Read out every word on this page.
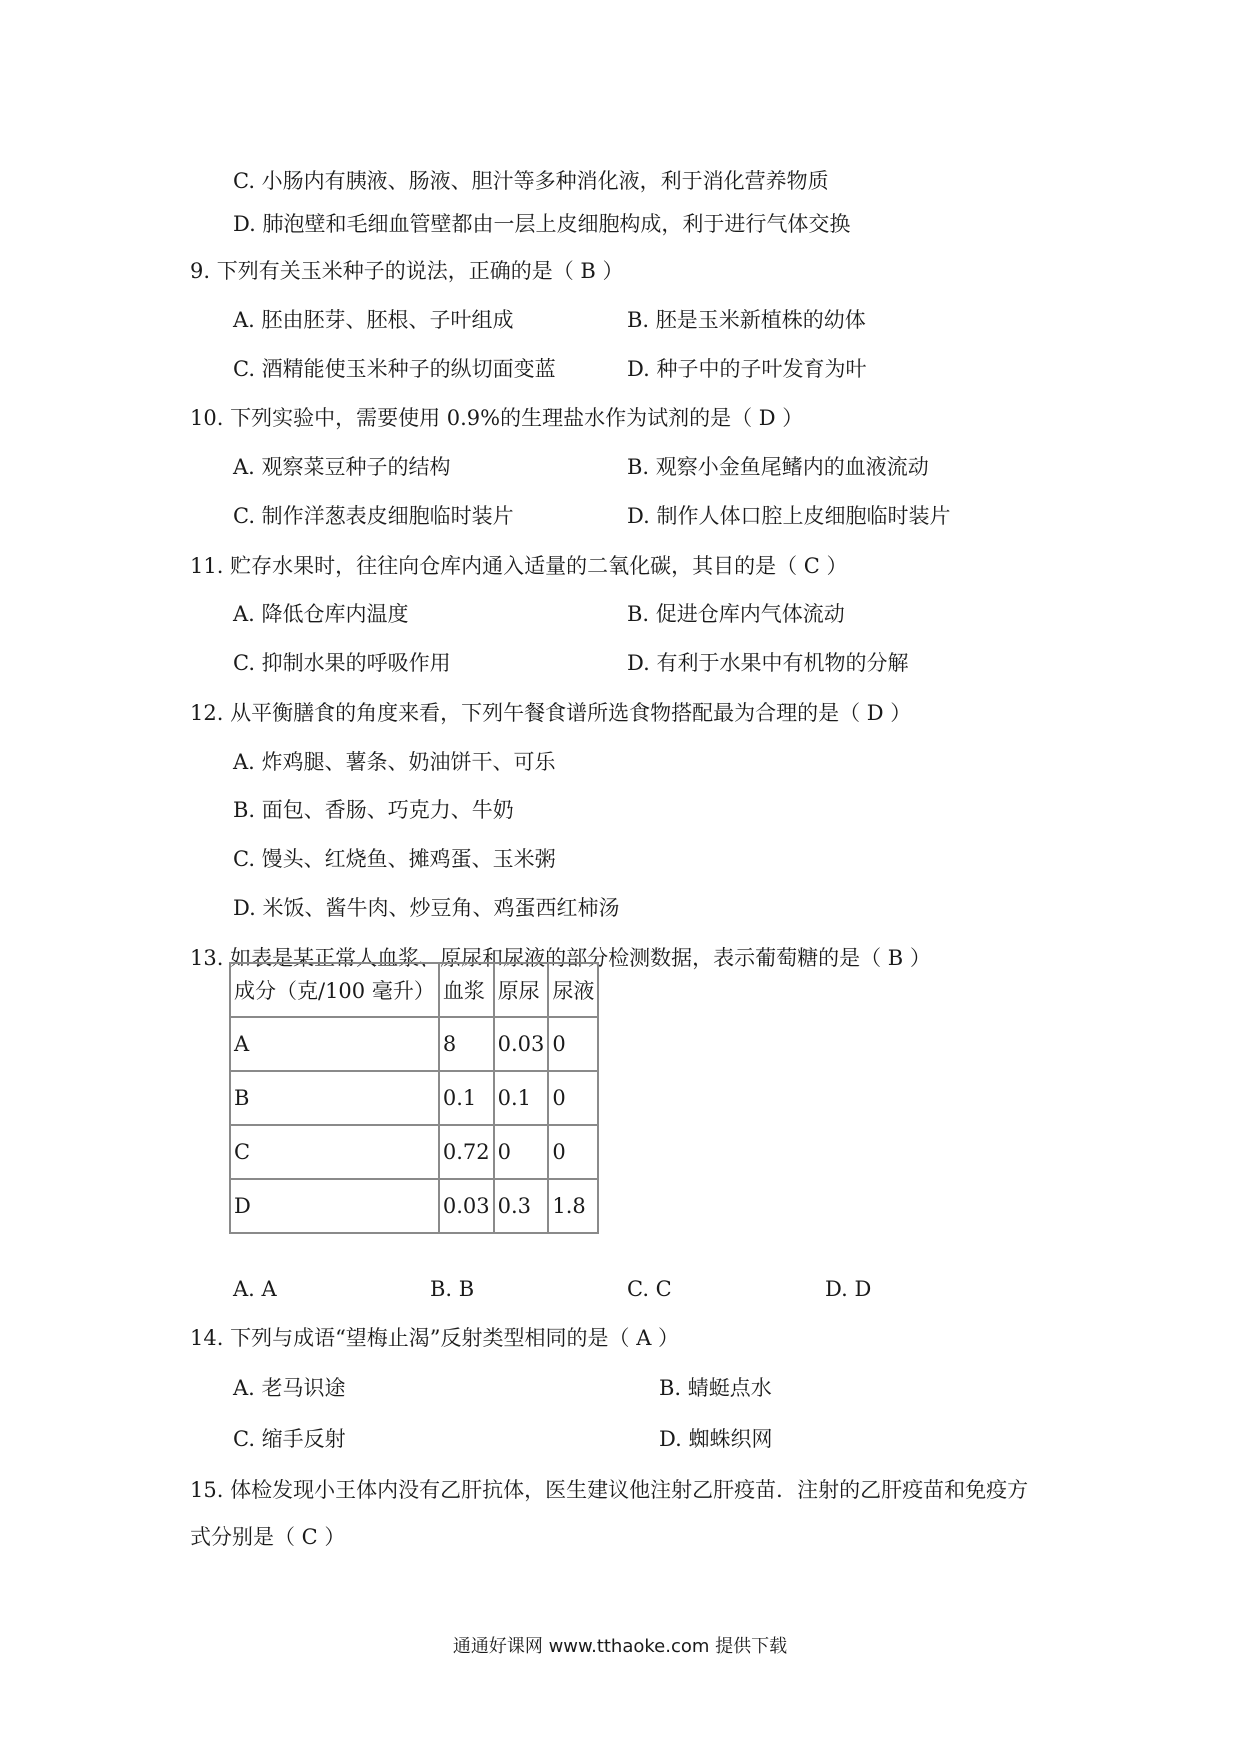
C. 小肠内有胰液、肠液、胆汁等多种消化液，利于消化营养物质
D. 肺泡壁和毛细血管壁都由一层上皮细胞构成，利于进行气体交换
9. 下列有关玉米种子的说法，正确的是（ B ）
A. 胚由胚芽、胚根、子叶组成	B. 胚是玉米新植株的幼体
C. 酒精能使玉米种子的纵切面变蓝	D. 种子中的子叶发育为叶
10. 下列实验中，需要使用 0.9%的生理盐水作为试剂的是（ D ）
A. 观察菜豆种子的结构	B. 观察小金鱼尾鳍内的血液流动
C. 制作洋葱表皮细胞临时装片	D. 制作人体口腔上皮细胞临时装片
11. 贮存水果时，往往向仓库内通入适量的二氧化碳，其目的是（ C ）
A. 降低仓库内温度	B. 促进仓库内气体流动
C. 抑制水果的呼吸作用	D. 有利于水果中有机物的分解
12. 从平衡膳食的角度来看，下列午餐食谱所选食物搭配最为合理的是（ D ）
A. 炸鸡腿、薯条、奶油饼干、可乐
B. 面包、香肠、巧克力、牛奶
C. 馒头、红烧鱼、摊鸡蛋、玉米粥
D. 米饭、酱牛肉、炒豆角、鸡蛋西红柿汤
13. 如表是某正常人血浆、原尿和尿液的部分检测数据，表示葡萄糖的是（ B ）
成分（克/100 毫升）	血浆	原尿	尿液
A	8	0.03	0
B	0.1	0.1	0
C	0.72	0	0
D	0.03	0.3	1.8
A. A	B. B	C. C	D. D
14. 下列与成语“望梅止渴”反射类型相同的是（ A ）
A. 老马识途	B. 蜻蜓点水
C. 缩手反射	D. 蜘蛛织网
15. 体检发现小王体内没有乙肝抗体，医生建议他注射乙肝疫苗．注射的乙肝疫苗和免疫方
式分别是（ C ）
通通好课网 www.tthaoke.com 提供下载
